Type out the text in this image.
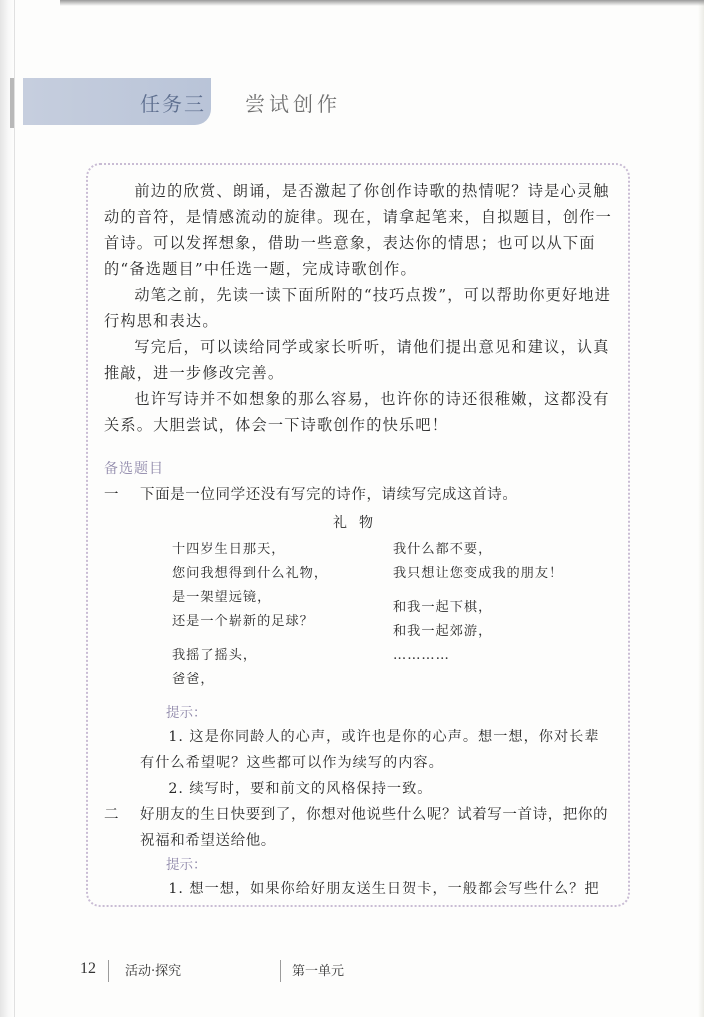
任务三 尝试创作

前边的欣赏、朗诵，是否激起了你创作诗歌的热情呢？诗是心灵触动的音符，是情感流动的旋律。现在，请拿起笔来，自拟题目，创作一首诗。可以发挥想象，借助一些意象，表达你的情思；也可以从下面的“备选题目”中任选一题，完成诗歌创作。

动笔之前，先读一读下面所附的“技巧点拨”，可以帮助你更好地进行构思和表达。

写完后，可以读给同学或家长听听，请他们提出意见和建议，认真推敲，进一步修改完善。

也许写诗并不如想象的那么容易，也许你的诗还很稚嫩，这都没有关系。大胆尝试，体会一下诗歌创作的快乐吧！

备选题目
一	下面是一位同学还没有写完的诗作，请续写完成这首诗。
礼物
十四岁生日那天，
您问我想得到什么礼物，
是一架望远镜，
还是一个崭新的足球？
我摇了摇头，
爸爸，
我什么都不要，
我只想让您变成我的朋友！
和我一起下棋，
和我一起郊游，
…………
提示：
1. 这是你同龄人的心声，或许也是你的心声。想一想，你对长辈有什么希望呢？这些都可以作为续写的内容。
2. 续写时，要和前文的风格保持一致。
二	好朋友的生日快要到了，你想对他说些什么呢？试着写一首诗，把你的祝福和希望送给他。
提示：
1. 想一想，如果你给好朋友送生日贺卡，一般都会写些什么？把
12 活动·探究	第一单元
